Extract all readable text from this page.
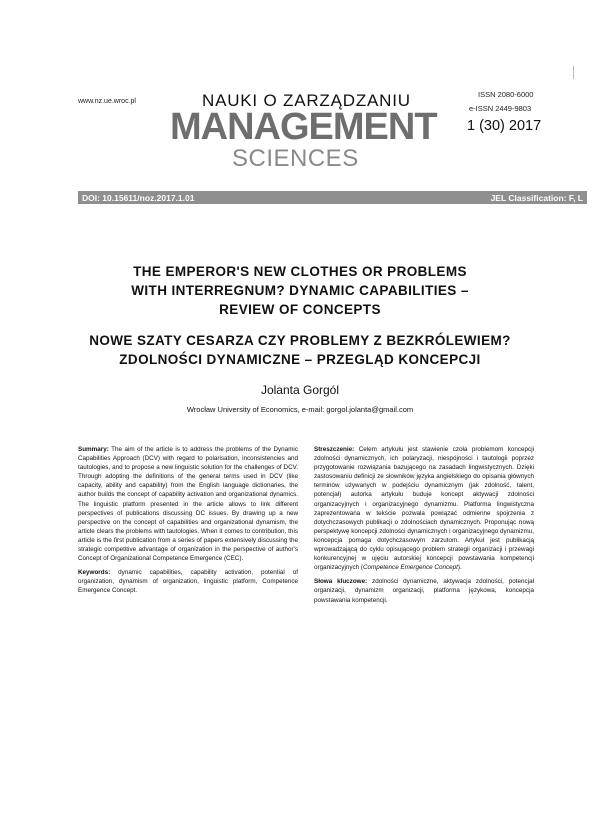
www.nz.ue.wroc.pl	NAUKI O ZARZĄDZANIU
MANAGEMENT
SCIENCES
ISSN 2080-6000
e-ISSN 2449-9803
1 (30) 2017
DOI: 10.15611/noz.2017.1.01	JEL Classification: F, L
THE EMPEROR'S NEW CLOTHES OR PROBLEMS
WITH INTERREGNUM? DYNAMIC CAPABILITIES –
REVIEW OF CONCEPTS
NOWE SZATY CESARZA CZY PROBLEMY Z BEZKRÓLEWIEM?
ZDOLNOŚCI DYNAMICZNE – PRZEGLĄD KONCEPCJI
Jolanta Gorgól
Wrocław University of Economics, e-mail: gorgol.jolanta@gmail.com

Summary: The aim of the article is to address the problems of the Dynamic Capabilities Approach (DCV) with regard to polarisation, inconsistencies and tautologies, and to propose a new linguistic solution for the challenges of DCV. Through adopting the definitions of the general terms used in DCV (like capacity, ability and capability) from the English language dictionaries, the author builds the concept of capability activation and organizational dynamics. The linguistic platform presented in the article allows to link different perspectives of publications discussing DC issues. By drawing up a new perspective on the concept of capabilities and organizational dynamism, the article clears the problems with tautologies. When it comes to contribution, this article is the first publication from a series of papers extensively discussing the strategic competitive advantage of organization in the perspective of author's Concept of Organizational Competence Emergence (CEC).

Keywords: dynamic capabilities, capability activation, potential of organization, dynamism of organization, linguistic platform, Competence Emergence Concept.

Streszczenie: Celem artykułu jest stawienie czoła problemom koncepcji zdolności dynamicznych, ich polaryzacji, niespójności i tautologii poprzez przygotowanie rozwiązania bazującego na zasadach lingwistycznych. Dzięki zastosowaniu definicji ze słowników języka angielskiego do opisania głównych terminów używanych w podejściu dynamicznym (jak zdolność, talent, potencjał) autorka artykułu buduje koncept aktywacji zdolności organizacyjnych i organizacyjnego dynamizmu. Platforma lingwistyczna zaprezentowana w tekście pozwala powiązać odmienne spojrzenia z dotychczasowych publikacji o zdolnościach dynamicznych. Proponując nową perspektywę koncepcji zdolności dynamicznych i organizacyjnego dynamizmu, koncepcja pomaga dotychczasowym zarzutom. Artykuł jest publikacją wprowadzającą do cyklu opisującego problem strategii organizacji i przewagi konkurencyjnej w ujęciu autorskiej koncepcji powstawania kompetencji organizacyjnych (Competence Emergence Concept).

Słowa kluczowe: zdolności dynamiczne, aktywacja zdolności, potencjał organizacji, dynamizm organizacji, platforma językowa, koncepcja powstawania kompetencji.
